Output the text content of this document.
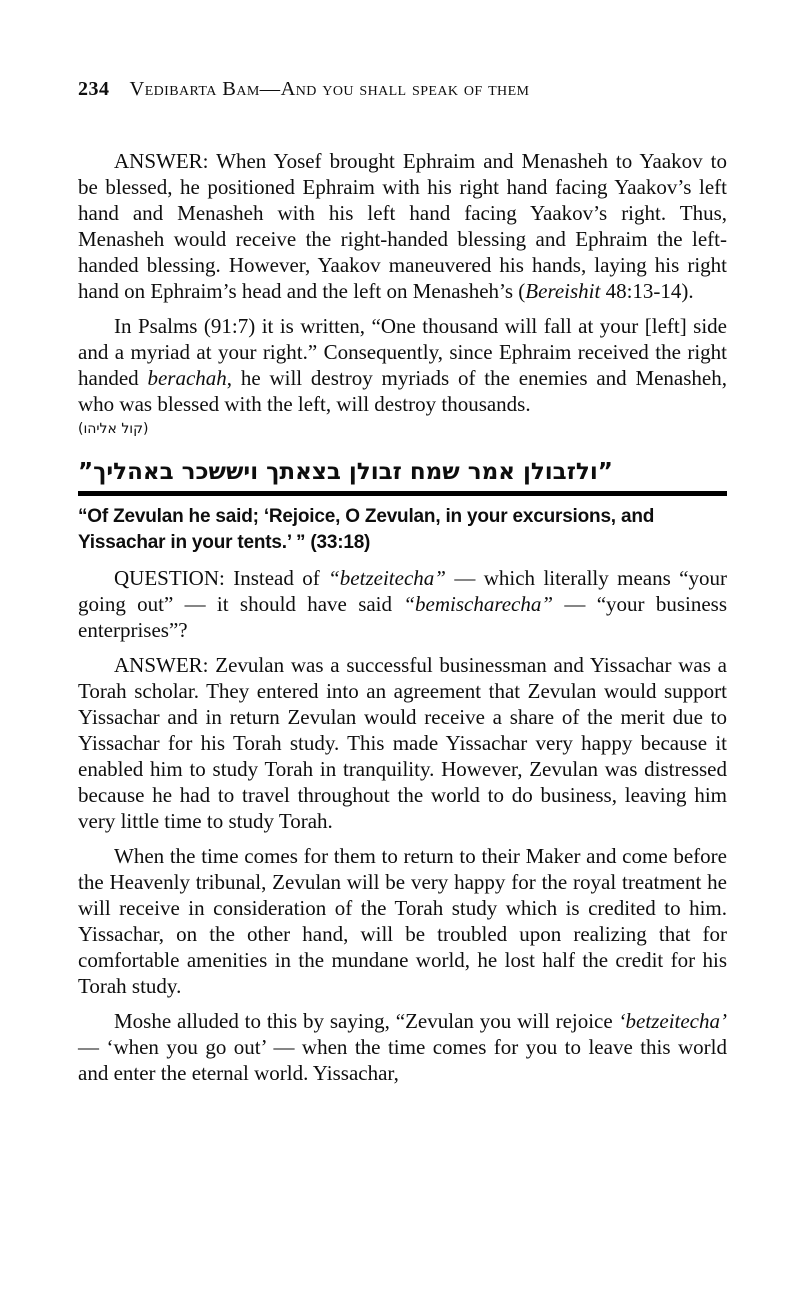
234 Vedibarta Bam—And you shall speak of them

ANSWER: When Yosef brought Ephraim and Menasheh to Yaakov to be blessed, he positioned Ephraim with his right hand facing Yaakov’s left hand and Menasheh with his left hand facing Yaakov’s right. Thus, Menasheh would receive the right-handed blessing and Ephraim the left-handed blessing. However, Yaakov maneuvered his hands, laying his right hand on Ephraim’s head and the left on Menasheh’s (Bereishit 48:13-14).

In Psalms (91:7) it is written, “One thousand will fall at your [left] side and a myriad at your right.” Consequently, since Ephraim received the right handed berachah, he will destroy myriads of the enemies and Menasheh, who was blessed with the left, will destroy thousands.

(קול אליהו)
”ולזבולן אמר שמח זבולן בצאתך ויששכר באהליך”
“Of Zevulan he said; ‘Rejoice, O Zevulan, in your excursions, and Yissachar in your tents.’ ” (33:18)

QUESTION: Instead of “betzeitecha” — which literally means “your going out” — it should have said “bemischarecha” — “your business enterprises”?

ANSWER: Zevulan was a successful businessman and Yissachar was a Torah scholar. They entered into an agreement that Zevulan would support Yissachar and in return Zevulan would receive a share of the merit due to Yissachar for his Torah study. This made Yissachar very happy because it enabled him to study Torah in tranquility. However, Zevulan was distressed because he had to travel throughout the world to do business, leaving him very little time to study Torah.

When the time comes for them to return to their Maker and come before the Heavenly tribunal, Zevulan will be very happy for the royal treatment he will receive in consideration of the Torah study which is credited to him. Yissachar, on the other hand, will be troubled upon realizing that for comfortable amenities in the mundane world, he lost half the credit for his Torah study.

Moshe alluded to this by saying, “Zevulan you will rejoice ‘betzeitecha’ — ‘when you go out’ — when the time comes for you to leave this world and enter the eternal world. Yissachar,
